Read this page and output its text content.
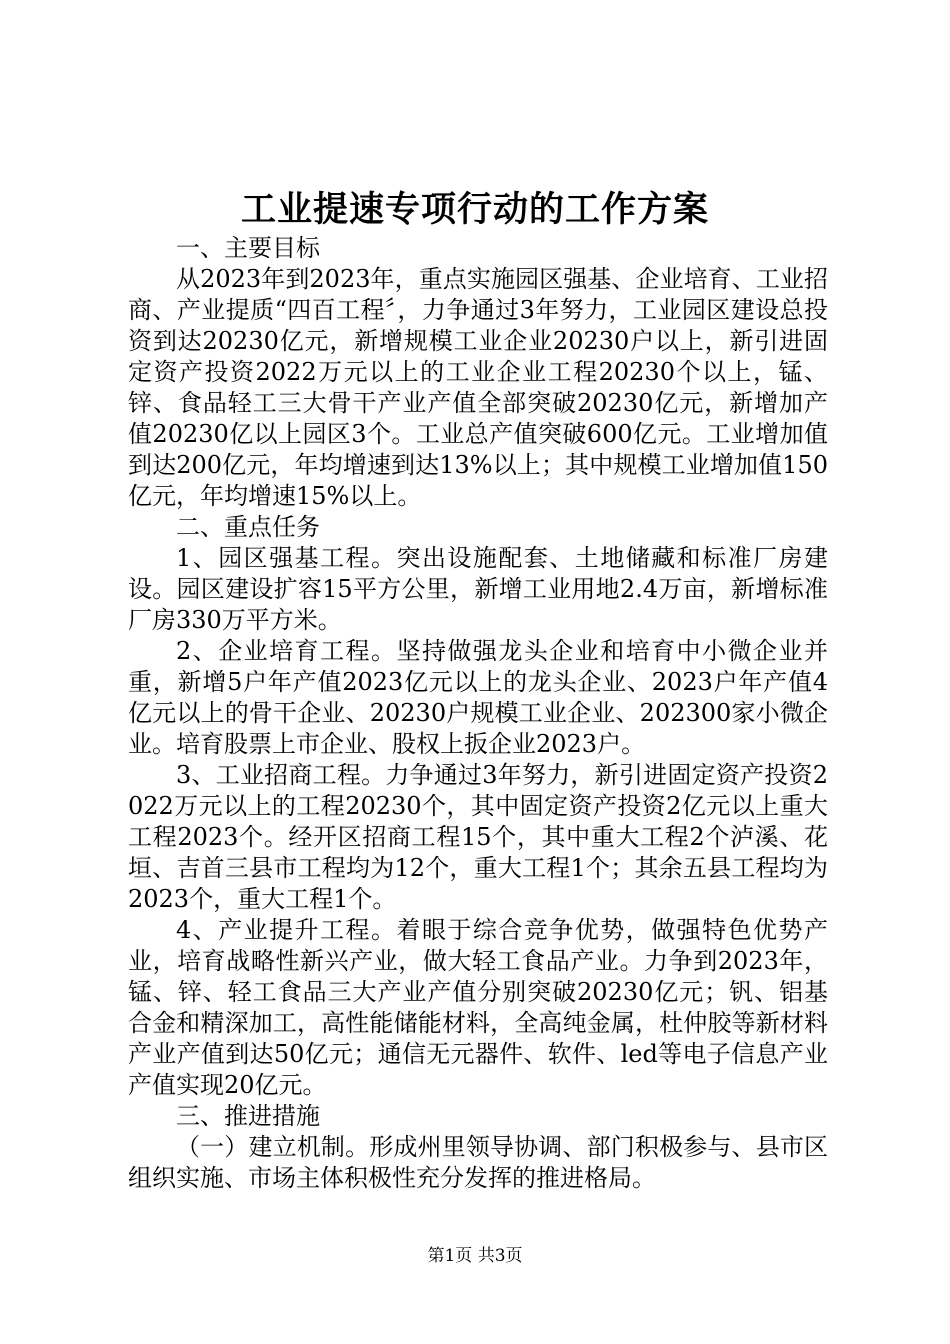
工业提速专项行动的工作方案

一、主要目标

从2023年到2023年，重点实施园区强基、企业培育、工业招商、产业提质“四百工程〞，力争通过3年努力，工业园区建设总投资到达20230亿元，新增规模工业企业20230户以上，新引进固定资产投资2022万元以上的工业企业工程20230个以上，锰、锌、食品轻工三大骨干产业产值全部突破20230亿元，新增加产值20230亿以上园区3个。工业总产值突破600亿元。工业增加值到达200亿元，年均增速到达13%以上；其中规模工业增加值150亿元，年均增速15%以上。

二、重点任务

1、园区强基工程。突出设施配套、土地储藏和标准厂房建设。园区建设扩容15平方公里，新增工业用地2.4万亩，新增标准厂房330万平方米。

2、企业培育工程。坚持做强龙头企业和培育中小微企业并重，新增5户年产值2023亿元以上的龙头企业、2023户年产值4亿元以上的骨干企业、20230户规模工业企业、202300家小微企业。培育股票上市企业、股权上扳企业2023户。

3、工业招商工程。力争通过3年努力，新引进固定资产投资2022万元以上的工程20230个，其中固定资产投资2亿元以上重大工程2023个。经开区招商工程15个，其中重大工程2个泸溪、花垣、吉首三县市工程均为12个，重大工程1个；其余五县工程均为2023个，重大工程1个。

4、产业提升工程。着眼于综合竞争优势，做强特色优势产业，培育战略性新兴产业，做大轻工食品产业。力争到2023年，锰、锌、轻工食品三大产业产值分别突破20230亿元；钒、铝基合金和精深加工，高性能储能材料，全高纯金属，杜仲胶等新材料产业产值到达50亿元；通信无元器件、软件、led等电子信息产业产值实现20亿元。

三、推进措施

（一）建立机制。形成州里领导协调、部门积极参与、县市区组织实施、市场主体积极性充分发挥的推进格局。

第1页 共3页
